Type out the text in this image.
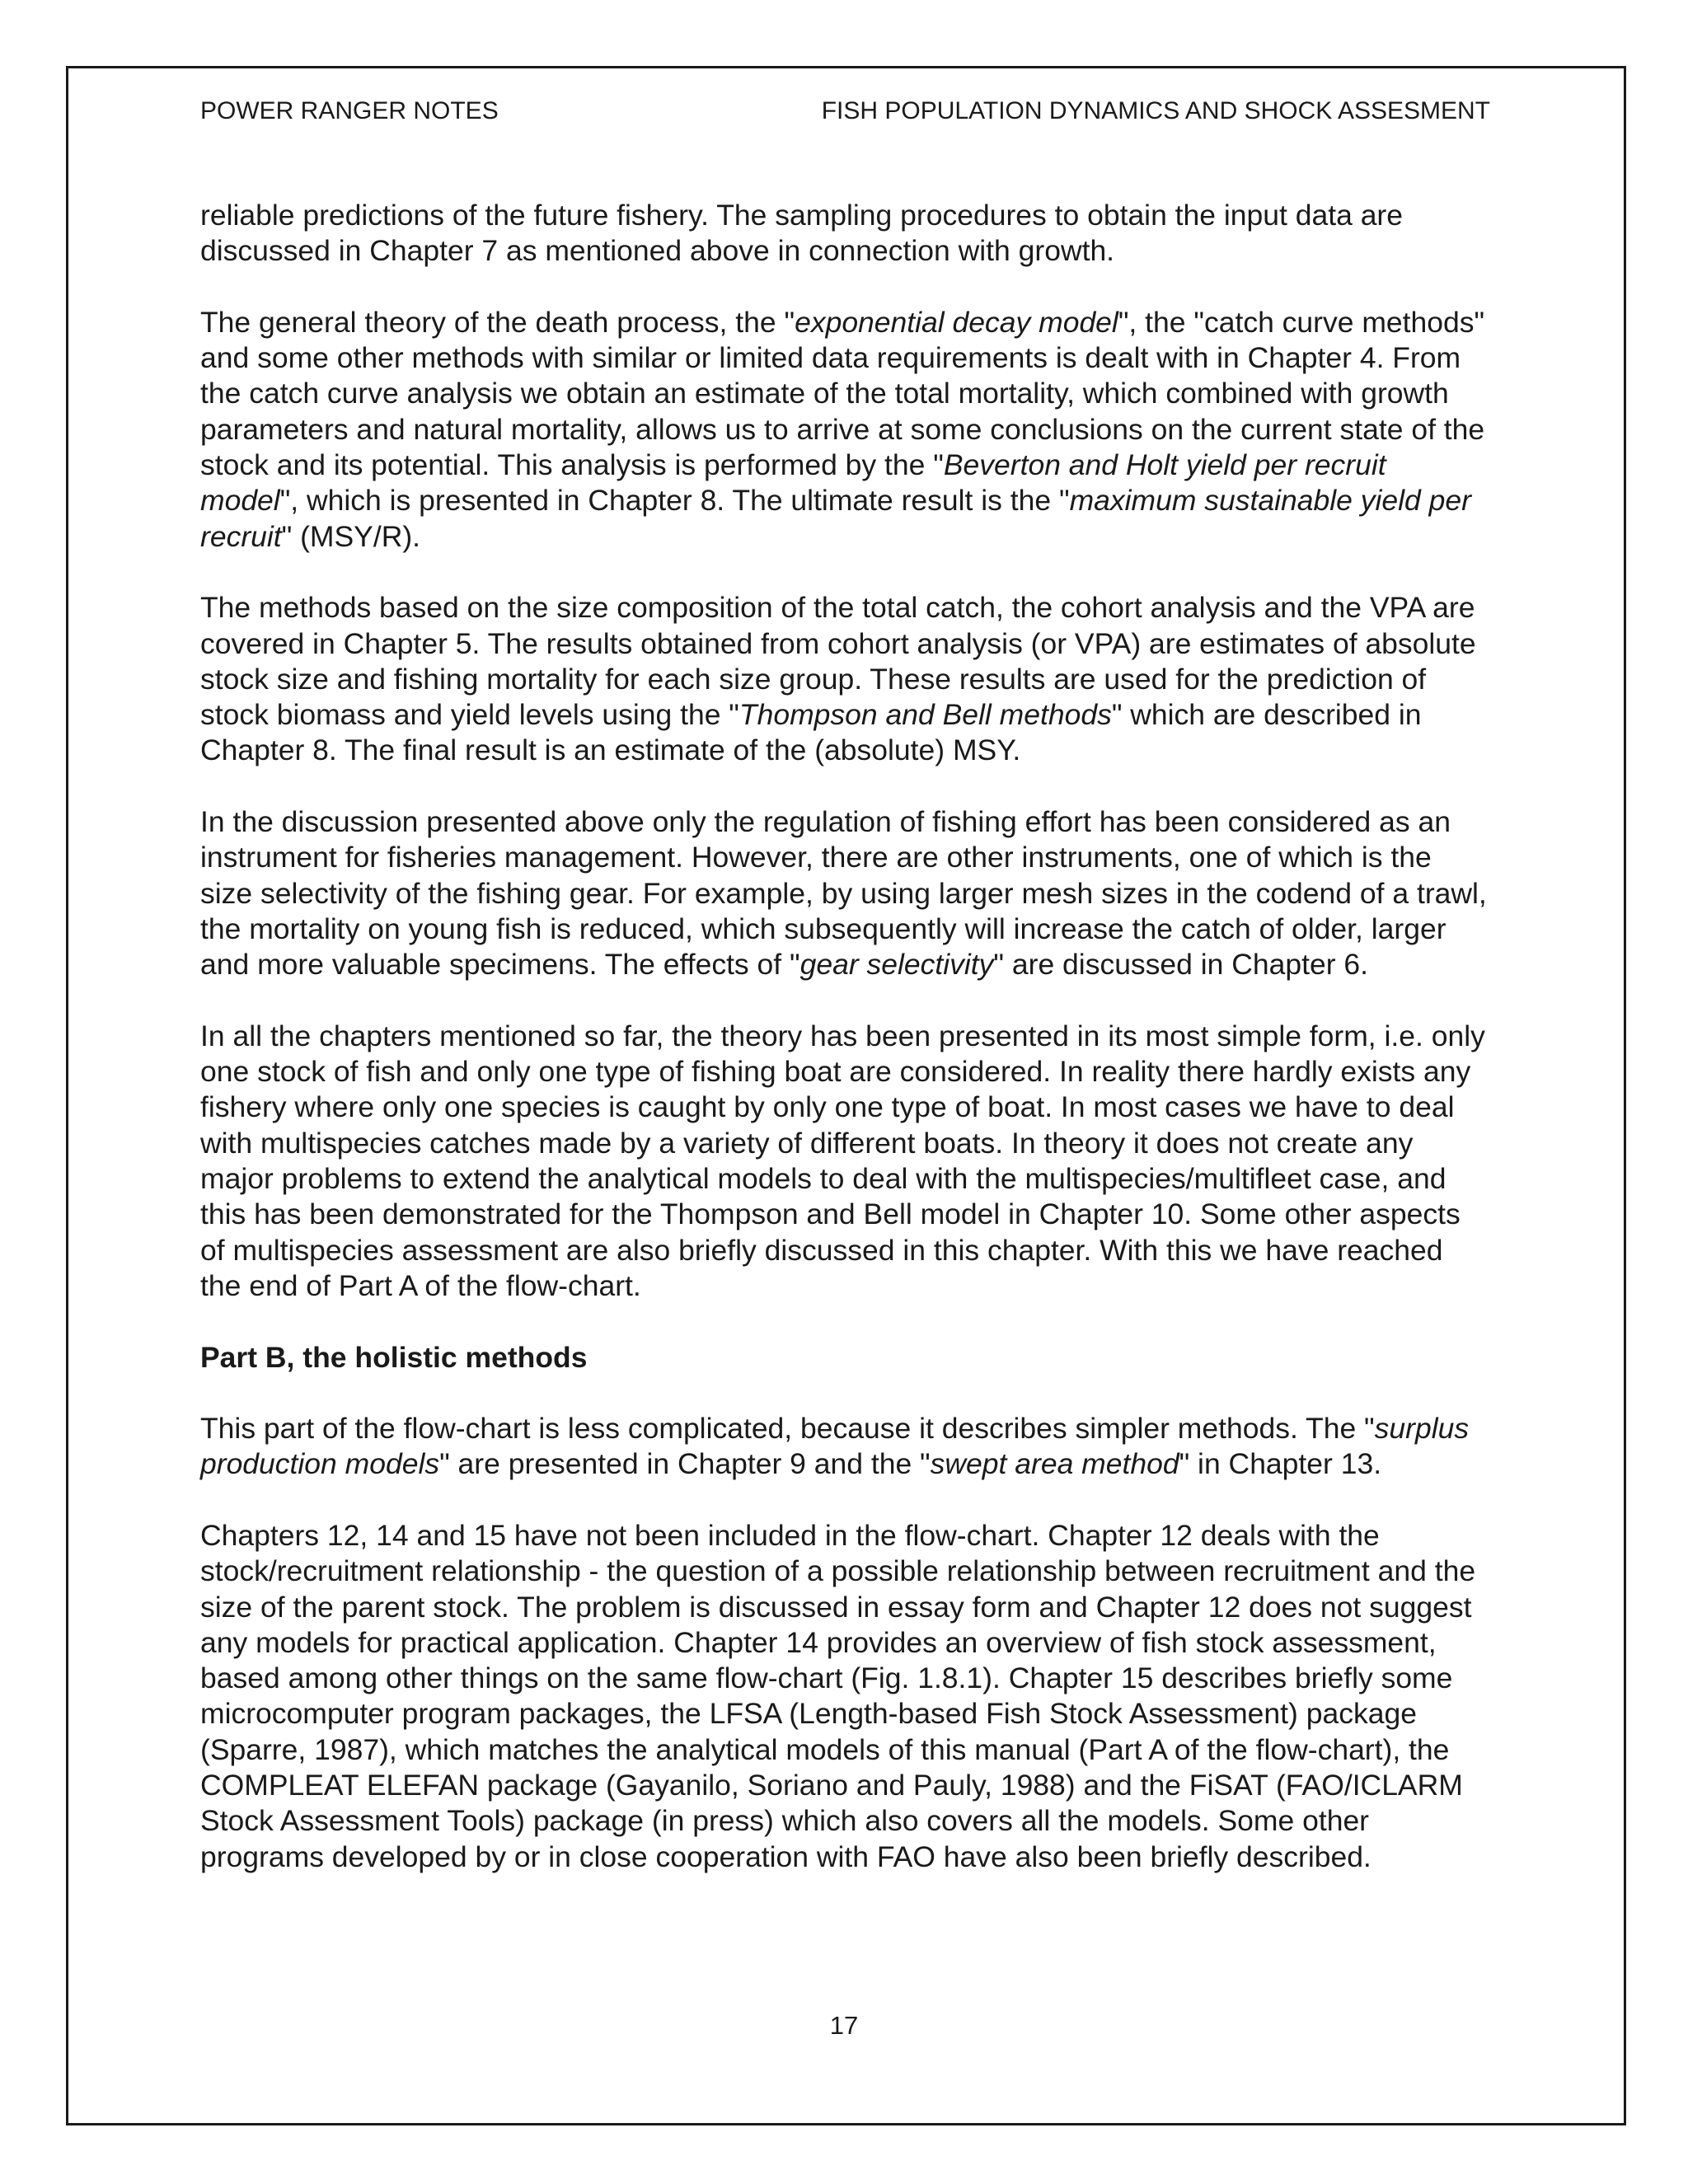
POWER RANGER NOTES	FISH POPULATION DYNAMICS AND SHOCK ASSESMENT

reliable predictions of the future fishery. The sampling procedures to obtain the input data are discussed in Chapter 7 as mentioned above in connection with growth.

The general theory of the death process, the "exponential decay model", the "catch curve methods" and some other methods with similar or limited data requirements is dealt with in Chapter 4. From the catch curve analysis we obtain an estimate of the total mortality, which combined with growth parameters and natural mortality, allows us to arrive at some conclusions on the current state of the stock and its potential. This analysis is performed by the "Beverton and Holt yield per recruit model", which is presented in Chapter 8. The ultimate result is the "maximum sustainable yield per recruit" (MSY/R).

The methods based on the size composition of the total catch, the cohort analysis and the VPA are covered in Chapter 5. The results obtained from cohort analysis (or VPA) are estimates of absolute stock size and fishing mortality for each size group. These results are used for the prediction of stock biomass and yield levels using the "Thompson and Bell methods" which are described in Chapter 8. The final result is an estimate of the (absolute) MSY.

In the discussion presented above only the regulation of fishing effort has been considered as an instrument for fisheries management. However, there are other instruments, one of which is the size selectivity of the fishing gear. For example, by using larger mesh sizes in the codend of a trawl, the mortality on young fish is reduced, which subsequently will increase the catch of older, larger and more valuable specimens. The effects of "gear selectivity" are discussed in Chapter 6.

In all the chapters mentioned so far, the theory has been presented in its most simple form, i.e. only one stock of fish and only one type of fishing boat are considered. In reality there hardly exists any fishery where only one species is caught by only one type of boat. In most cases we have to deal with multispecies catches made by a variety of different boats. In theory it does not create any major problems to extend the analytical models to deal with the multispecies/multifleet case, and this has been demonstrated for the Thompson and Bell model in Chapter 10. Some other aspects of multispecies assessment are also briefly discussed in this chapter. With this we have reached the end of Part A of the flow-chart.

Part B, the holistic methods

This part of the flow-chart is less complicated, because it describes simpler methods. The "surplus production models" are presented in Chapter 9 and the "swept area method" in Chapter 13.

Chapters 12, 14 and 15 have not been included in the flow-chart. Chapter 12 deals with the stock/recruitment relationship - the question of a possible relationship between recruitment and the size of the parent stock. The problem is discussed in essay form and Chapter 12 does not suggest any models for practical application. Chapter 14 provides an overview of fish stock assessment, based among other things on the same flow-chart (Fig. 1.8.1). Chapter 15 describes briefly some microcomputer program packages, the LFSA (Length-based Fish Stock Assessment) package (Sparre, 1987), which matches the analytical models of this manual (Part A of the flow-chart), the COMPLEAT ELEFAN package (Gayanilo, Soriano and Pauly, 1988) and the FiSAT (FAO/ICLARM Stock Assessment Tools) package (in press) which also covers all the models. Some other programs developed by or in close cooperation with FAO have also been briefly described.

17
